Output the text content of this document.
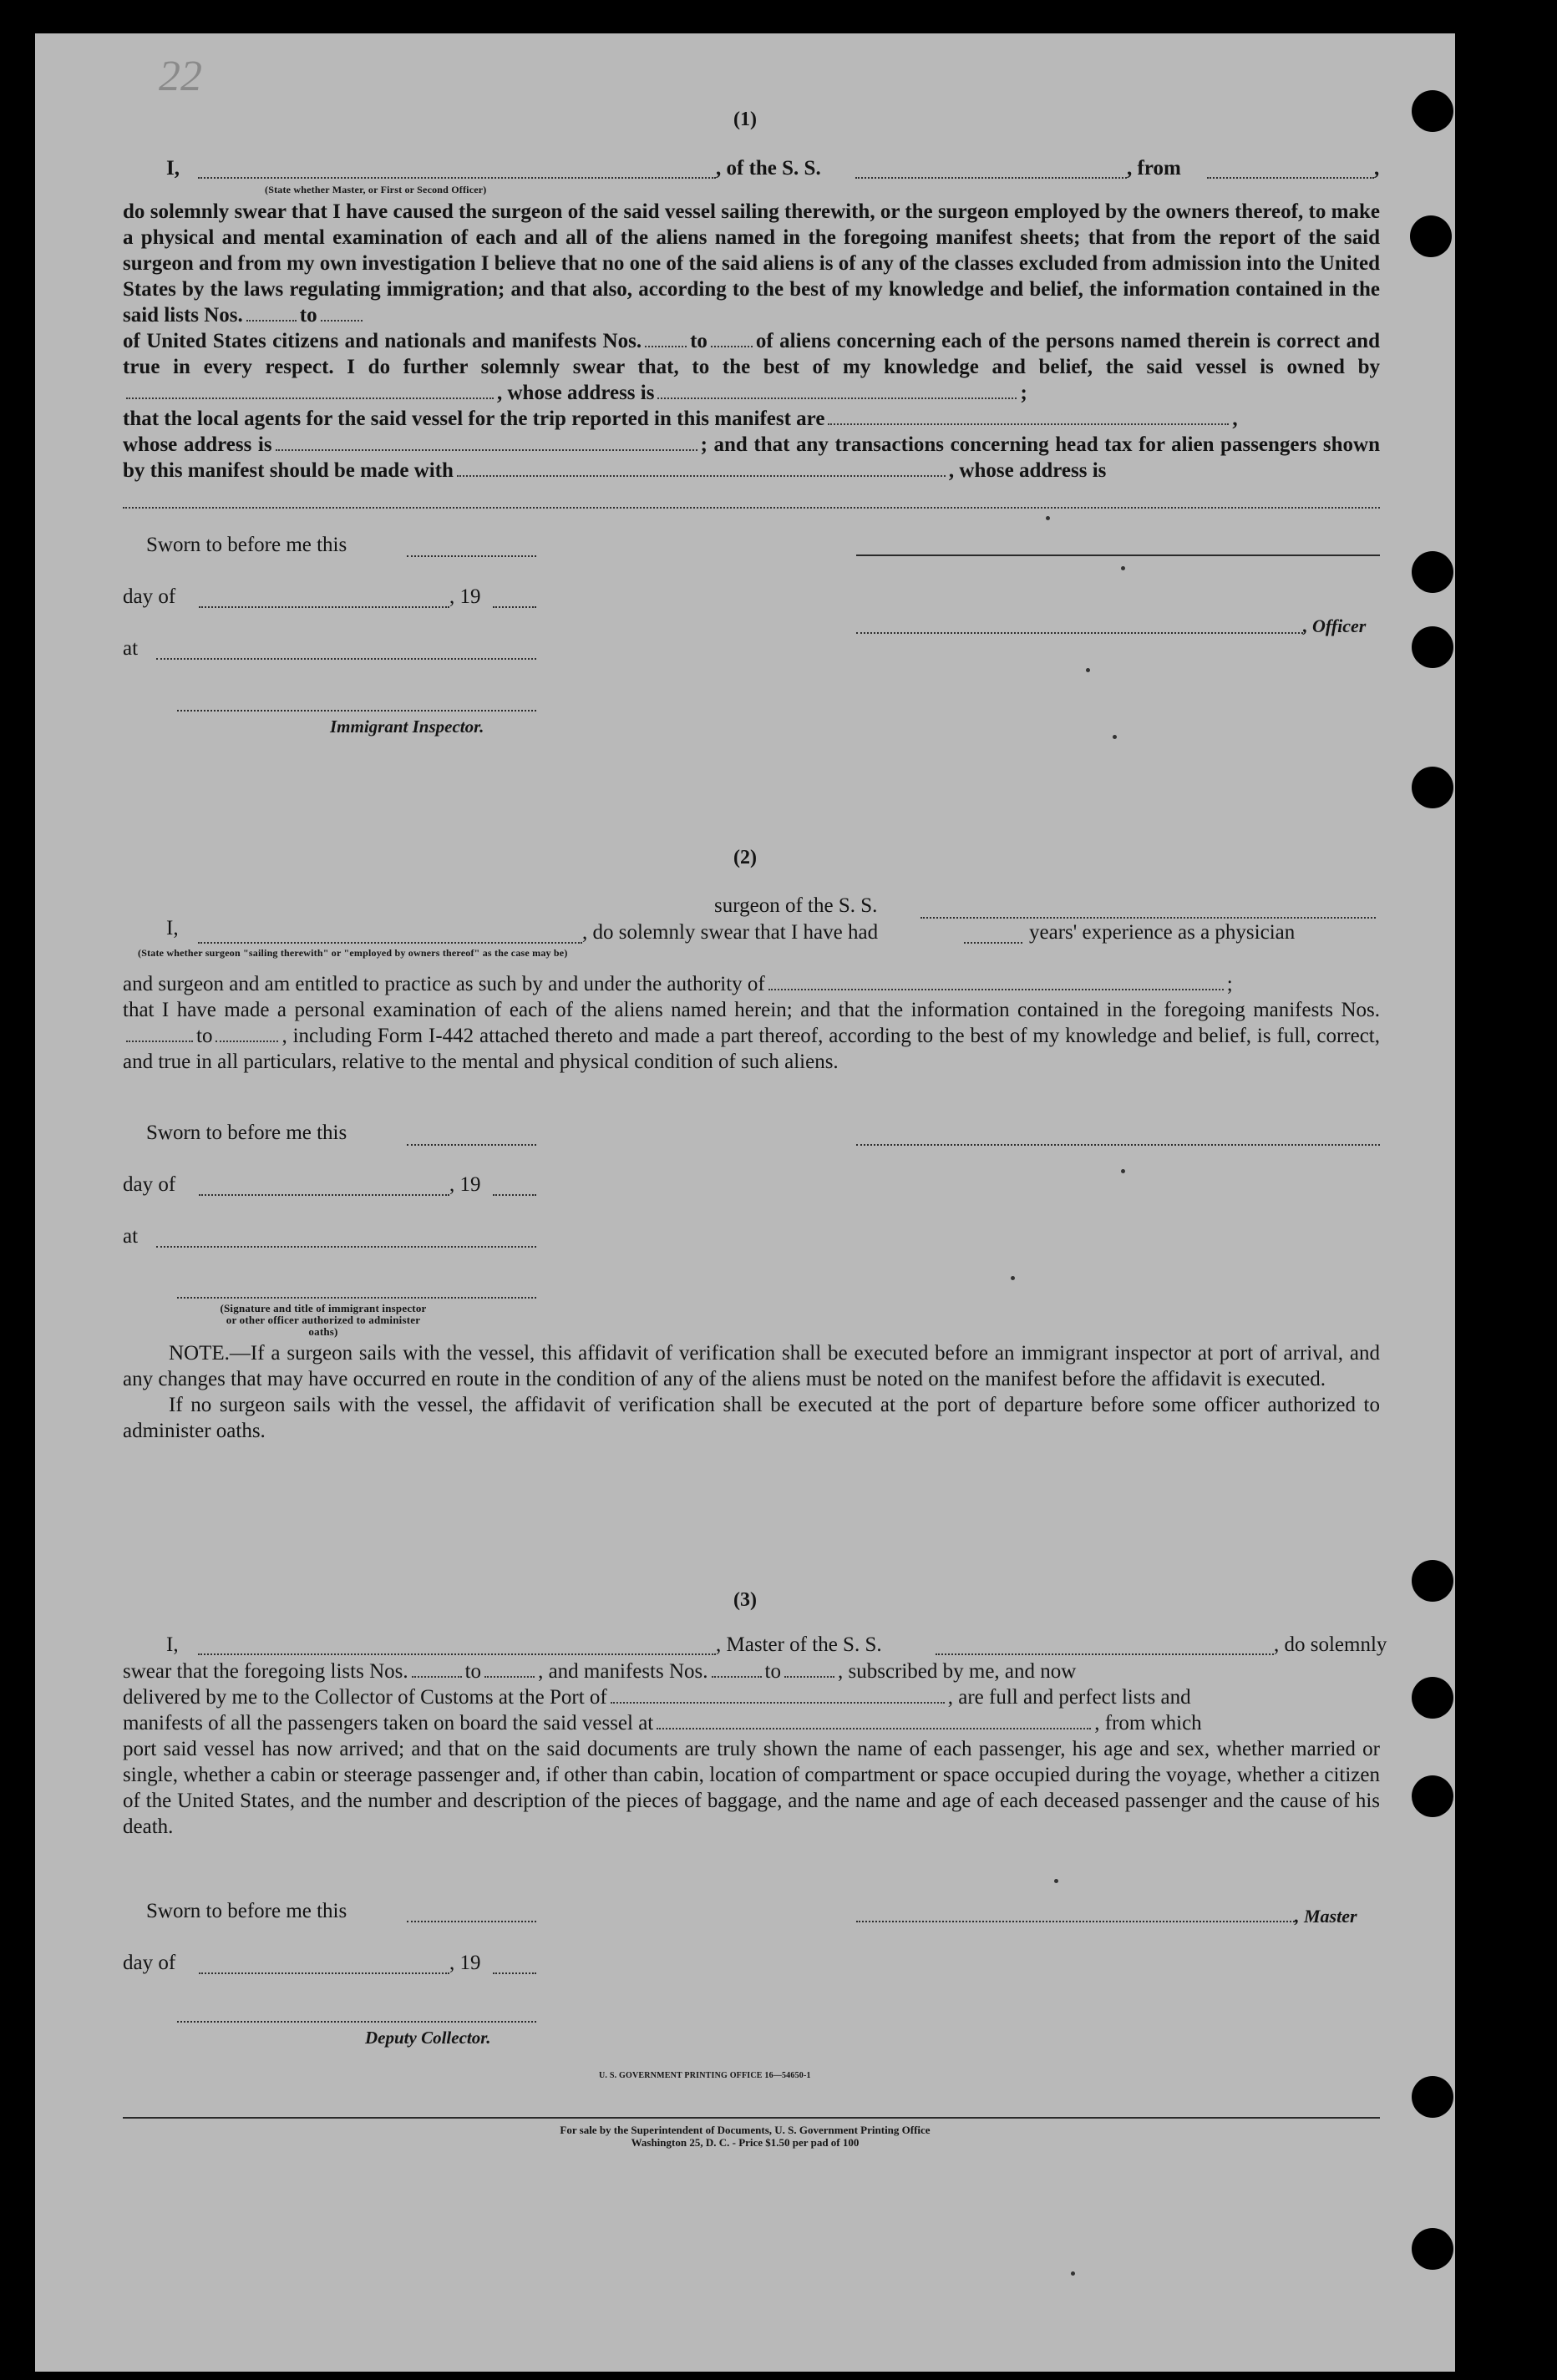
22
(1)
I,	, of the S. S.	, from	,
(State whether Master, or First or Second Officer)

do solemnly swear that I have caused the surgeon of the said vessel sailing therewith, or the surgeon employed by the owners thereof, to make a physical and mental examination of each and all of the aliens named in the foregoing manifest sheets; that from the report of the said surgeon and from my own investigation I believe that no one of the said aliens is of any of the classes excluded from admission into the United States by the laws regulating immigration; and that also, according to the best of my knowledge and belief, the information contained in the said lists Nos.	to

of United States citizens and nationals and manifests Nos. to of aliens concerning each of the persons named therein is correct and true in every respect. I do further solemnly swear that, to the best of my knowledge and belief, the said vessel is owned by, whose address is	;

that the local agents for the said vessel for the trip reported in this manifest are	,

whose address is	; and that any transactions concerning head tax for alien passengers shown by this manifest should be made with	, whose address is

Sworn to before me this
day of	, 19
, Officer
at
Immigrant Inspector.
(2)
surgeon of the S. S.
I,	, do solemnly swear that I have had	years' experience as a physician
(State whether surgeon "sailing therewith" or "employed by owners thereof" as the case may be)

and surgeon and am entitled to practice as such by and under the authority of	;

that I have made a personal examination of each of the aliens named herein; and that the information contained in the foregoing manifests Nos.to	, including Form I-442 attached thereto and made a part thereof, according to the best of my knowledge and belief, is full, correct, and true in all particulars, relative to the mental and physical condition of such aliens.

Sworn to before me this
day of	, 19
at
(Signature and title of immigrant inspector or other officer authorized to administer oaths)

NOTE.—If a surgeon sails with the vessel, this affidavit of verification shall be executed before an immigrant inspector at port of arrival, and any changes that may have occurred en route in the condition of any of the aliens must be noted on the manifest before the affidavit is executed.

If no surgeon sails with the vessel, the affidavit of verification shall be executed at the port of departure before some officer authorized to administer oaths.

(3)
I,	, Master of the S. S.	, do solemnly

swear that the foregoing lists Nos.	to	, and manifests Nos.	to	, subscribed by me, and now

delivered by me to the Collector of Customs at the Port of	, are full and perfect lists and

manifests of all the passengers taken on board the said vessel at	, from which

port said vessel has now arrived; and that on the said documents are truly shown the name of each passenger, his age and sex, whether married or single, whether a cabin or steerage passenger and, if other than cabin, location of compartment or space occupied during the voyage, whether a citizen of the United States, and the number and description of the pieces of baggage, and the name and age of each deceased passenger and the cause of his death.

Sworn to before me this	, Master
day of	, 19
Deputy Collector.
U. S. GOVERNMENT PRINTING OFFICE 16—54650-1
For sale by the Superintendent of Documents, U. S. Government Printing Office
Washington 25, D. C. - Price $1.50 per pad of 100
